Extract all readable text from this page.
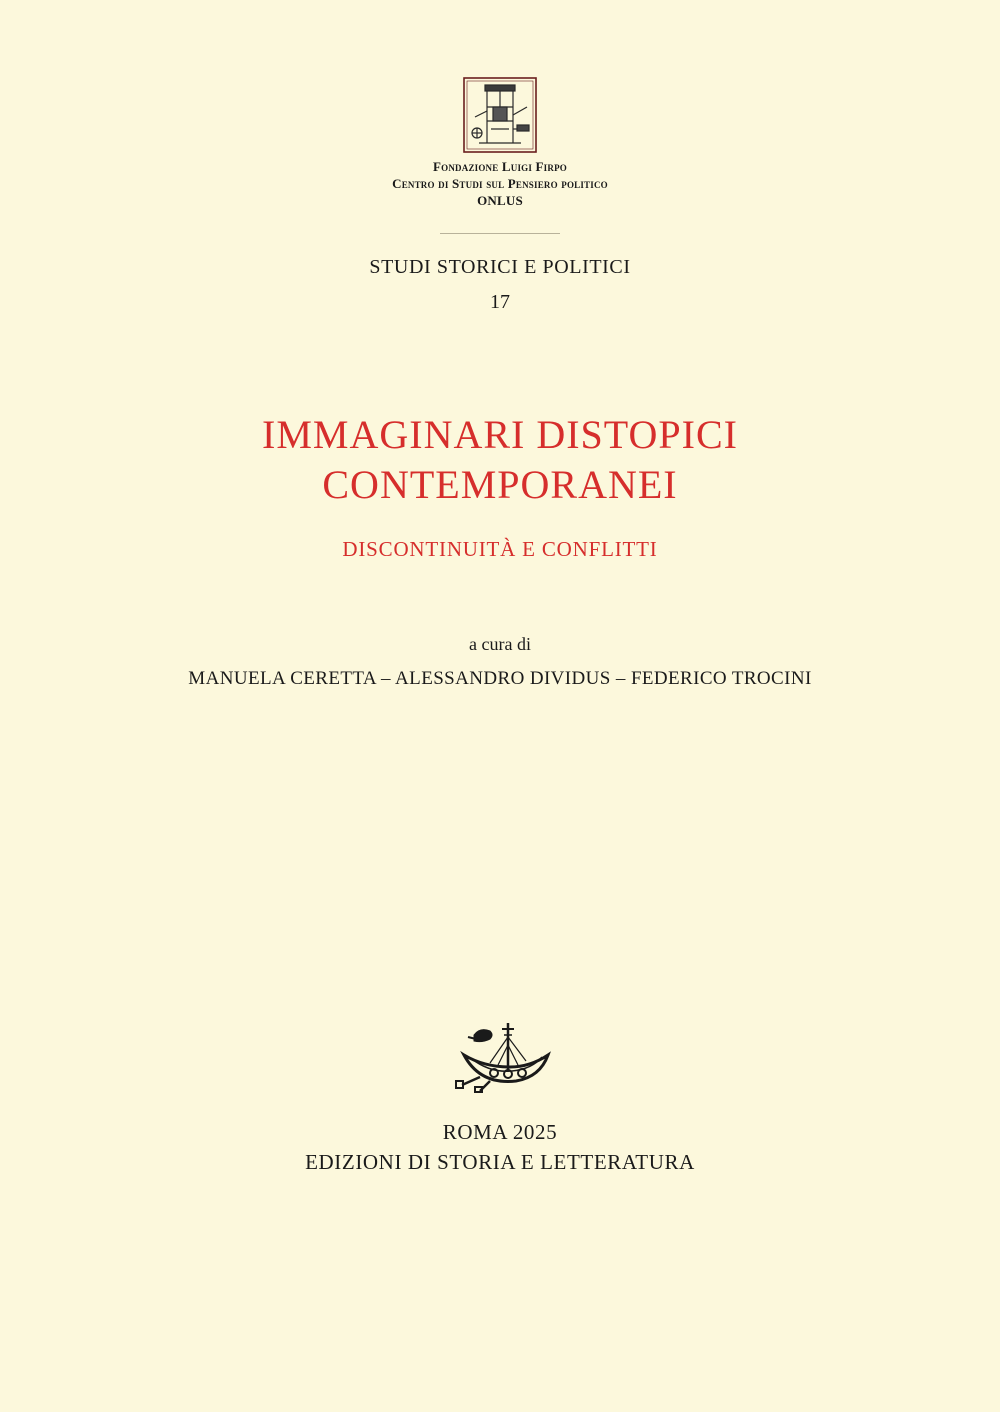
Fondazione Luigi Firpo
Centro di Studi sul Pensiero politico
ONLUS
STUDI STORICI E POLITICI
17
IMMAGINARI DISTOPICI
CONTEMPORANEI
DISCONTINUITÀ E CONFLITTI
a cura di
MANUELA CERETTA – ALESSANDRO DIVIDUS – FEDERICO TROCINI
ROMA 2025
EDIZIONI DI STORIA E LETTERATURA
